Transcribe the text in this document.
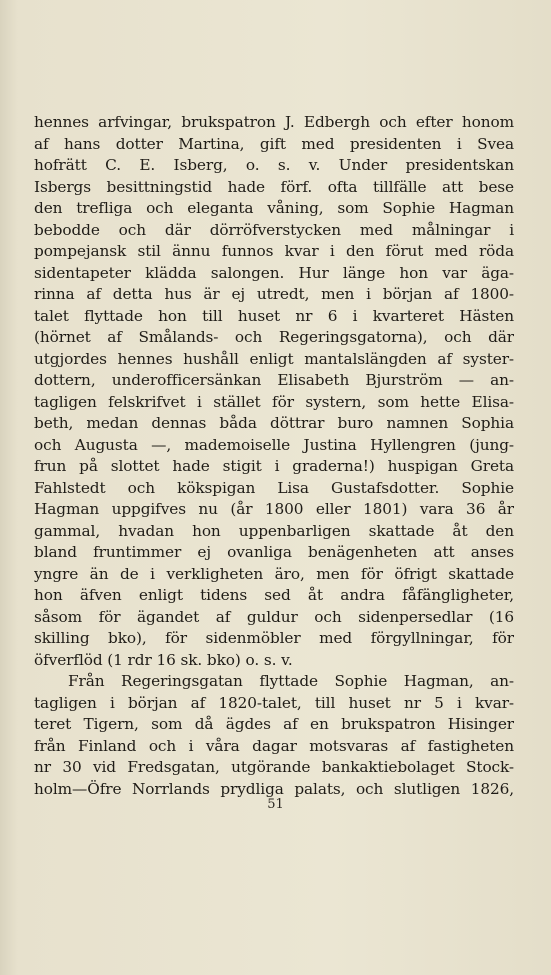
hennes arfvingar, brukspatron J. Edbergh och efter honom
af hans dotter Martina, gift med presidenten i Svea
hofrätt C. E. Isberg, o. s. v. Under presidentskan
Isbergs besittningstid hade förf. ofta tillfälle att bese
den trefliga och eleganta våning, som Sophie Hagman
bebodde och där dörröfverstycken med målningar i
pompejansk stil ännu funnos kvar i den förut med röda
sidentapeter klädda salongen. Hur länge hon var äga-
rinna af detta hus är ej utredt, men i början af 1800-
talet flyttade hon till huset nr 6 i kvarteret Hästen
(hörnet af Smålands- och Regeringsgatorna), och där
utgjordes hennes hushåll enligt mantalslängden af syster-
dottern, underofficersänkan Elisabeth Bjurström — an-
tagligen felskrifvet i stället för systern, som hette Elisa-
beth, medan dennas båda döttrar buro namnen Sophia
och Augusta —, mademoiselle Justina Hyllengren (jung-
frun på slottet hade stigit i graderna!) huspigan Greta
Fahlstedt och kökspigan Lisa Gustafsdotter. Sophie
Hagman uppgifves nu (år 1800 eller 1801) vara 36 år
gammal, hvadan hon uppenbarligen skattade åt den
bland fruntimmer ej ovanliga benägenheten att anses
yngre än de i verkligheten äro, men för öfrigt skattade
hon äfven enligt tidens sed åt andra fåfängligheter,
såsom för ägandet af guldur och sidenpersedlar (16
skilling bko), för sidenmöbler med förgyllningar, för
öfverflöd (1 rdr 16 sk. bko) o. s. v.
Från Regeringsgatan flyttade Sophie Hagman, an-
tagligen i början af 1820-talet, till huset nr 5 i kvar-
teret Tigern, som då ägdes af en brukspatron Hisinger
från Finland och i våra dagar motsvaras af fastigheten
nr 30 vid Fredsgatan, utgörande bankaktiebolaget Stock-
holm—Öfre Norrlands prydliga palats, och slutligen 1826,
51
